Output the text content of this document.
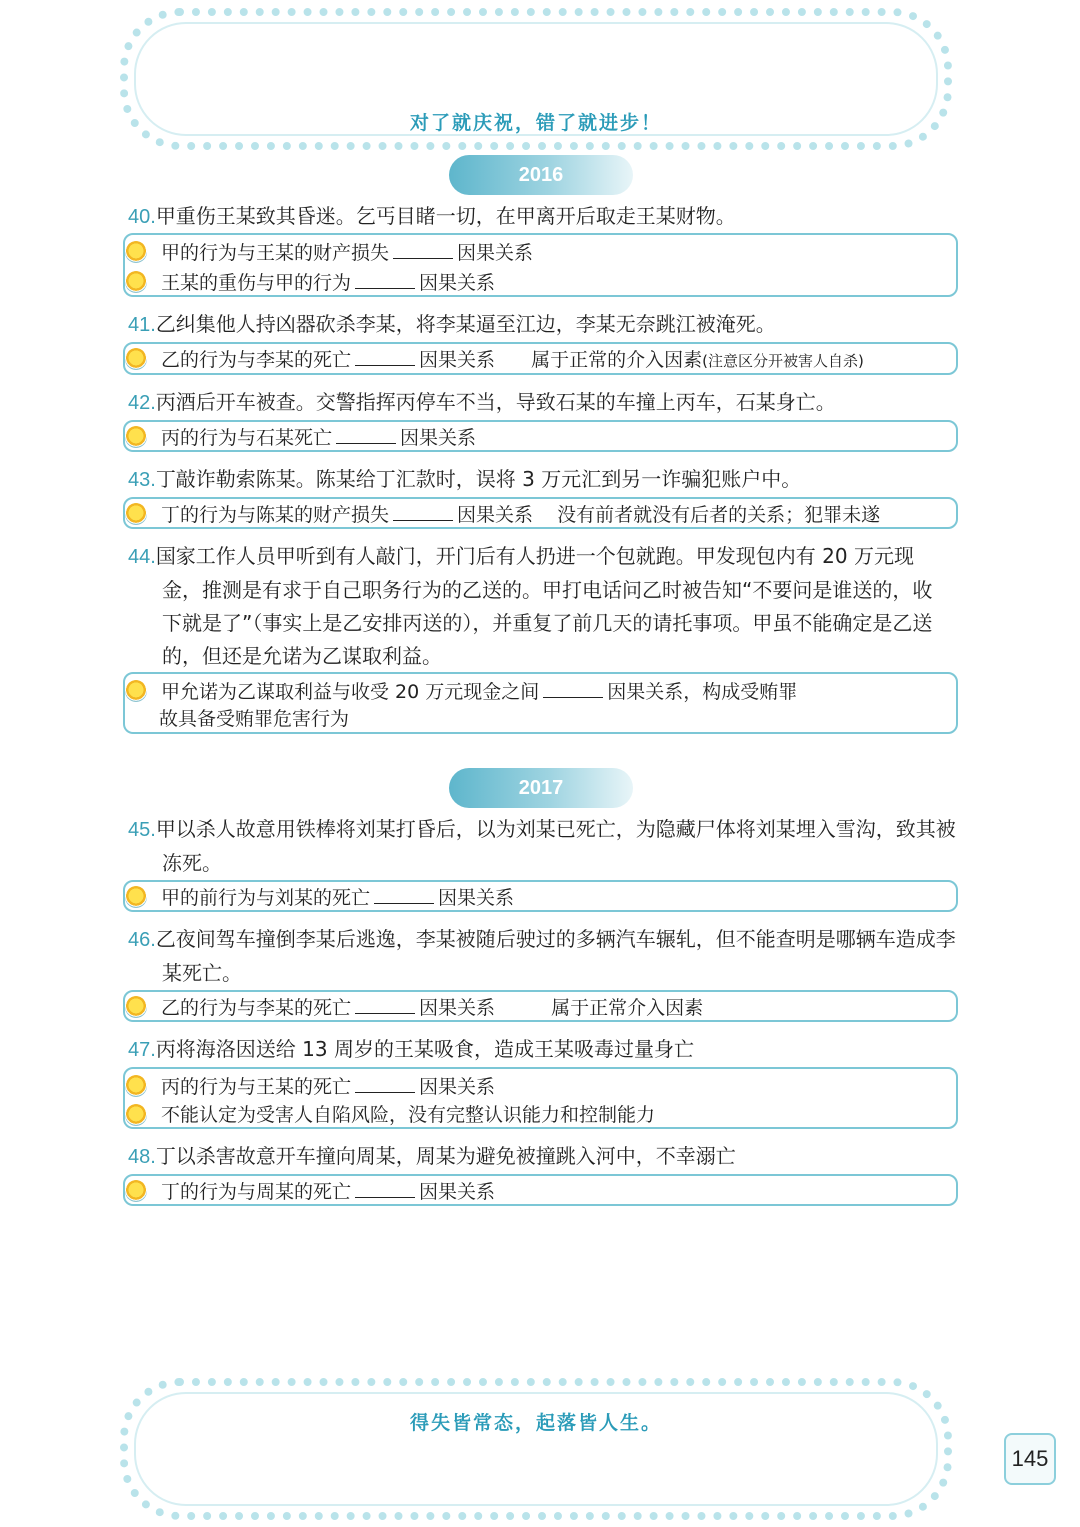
对了就庆祝，错了就进步！
2016
40.甲重伤王某致其昏迷。乞丐目睹一切，在甲离开后取走王某财物。
甲的行为与王某的财产损失	因果关系
王某的重伤与甲的行为	因果关系
41.乙纠集他人持凶器砍杀李某，将李某逼至江边，李某无奈跳江被淹死。
乙的行为与李某的死亡	因果关系 属于正常的介入因素(注意区分开被害人自杀)
42.丙酒后开车被查。交警指挥丙停车不当，导致石某的车撞上丙车，石某身亡。
丙的行为与石某死亡	因果关系
43.丁敲诈勒索陈某。陈某给丁汇款时，误将 3 万元汇到另一诈骗犯账户中。
丁的行为与陈某的财产损失	因果关系 没有前者就没有后者的关系；犯罪未遂
44.国家工作人员甲听到有人敲门，开门后有人扔进一个包就跑。甲发现包内有 20 万元现金，推测是有求于自己职务行为的乙送的。甲打电话问乙时被告知“不要问是谁送的，收下就是了”（事实上是乙安排丙送的），并重复了前几天的请托事项。甲虽不能确定是乙送的，但还是允诺为乙谋取利益。
甲允诺为乙谋取利益与收受 20 万元现金之间	因果关系，构成受贿罪
故具备受贿罪危害行为
2017
45.甲以杀人故意用铁棒将刘某打昏后，以为刘某已死亡，为隐藏尸体将刘某埋入雪沟，致其被冻死。
甲的前行为与刘某的死亡	因果关系
46.乙夜间驾车撞倒李某后逃逸，李某被随后驶过的多辆汽车辗轧，但不能查明是哪辆车造成李某死亡。
乙的行为与李某的死亡	因果关系	属于正常介入因素
47.丙将海洛因送给 13 周岁的王某吸食，造成王某吸毒过量身亡
丙的行为与王某的死亡	因果关系
不能认定为受害人自陷风险，没有完整认识能力和控制能力
48.丁以杀害故意开车撞向周某，周某为避免被撞跳入河中，不幸溺亡
丁的行为与周某的死亡	因果关系
得失皆常态，起落皆人生。
145
